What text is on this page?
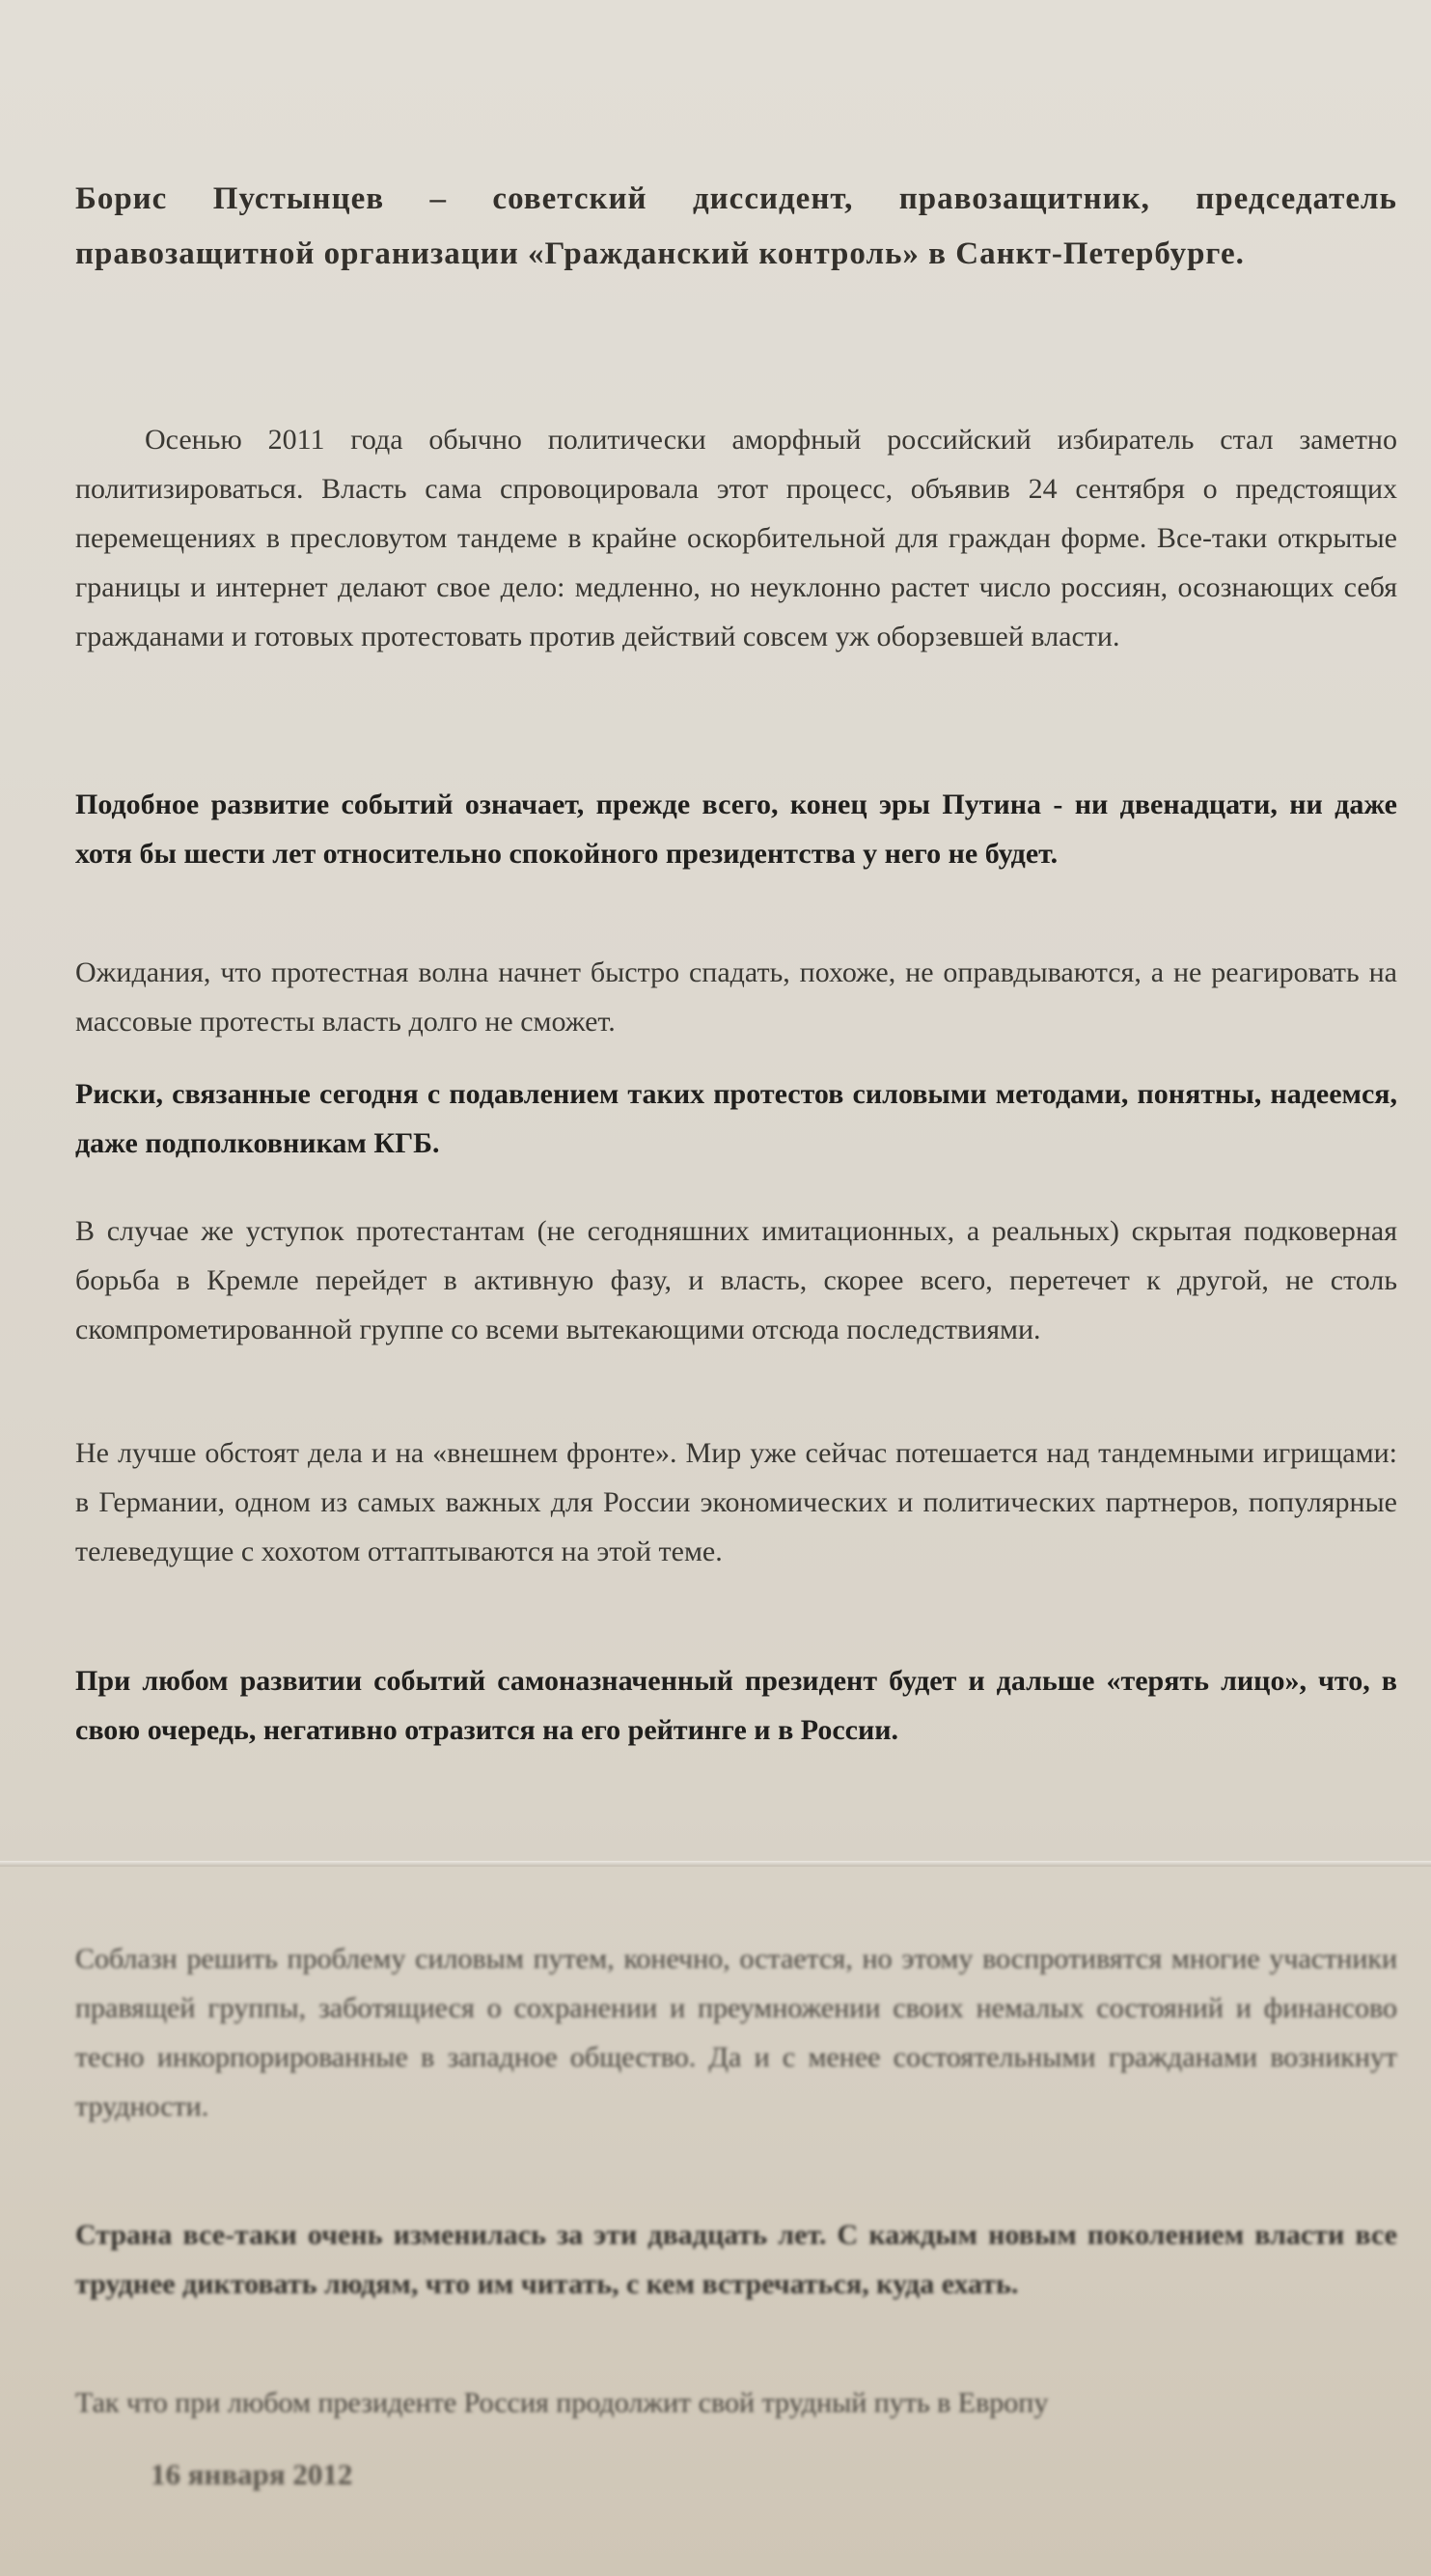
Борис Пустынцев – советский диссидент, правозащитник, председатель правозащитной организации «Гражданский контроль» в Санкт-Петербурге.
Осенью 2011 года обычно политически аморфный российский избиратель стал заметно политизироваться. Власть сама спровоцировала этот процесс, объявив 24 сентября о предстоящих перемещениях в пресловутом тандеме в крайне оскорбительной для граждан форме. Все-таки открытые границы и интернет делают свое дело: медленно, но неуклонно растет число россиян, осознающих себя гражданами и готовых протестовать против действий совсем уж оборзевшей власти.
Подобное развитие событий означает, прежде всего, конец эры Путина - ни двенадцати, ни даже хотя бы шести лет относительно спокойного президентства у него не будет.
Ожидания, что протестная волна начнет быстро спадать, похоже, не оправдываются, а не реагировать на массовые протесты власть долго не сможет.
Риски, связанные сегодня с подавлением таких протестов силовыми методами, понятны, надеемся, даже подполковникам КГБ.
В случае же уступок протестантам (не сегодняшних имитационных, а реальных) скрытая подковерная борьба в Кремле перейдет в активную фазу, и власть, скорее всего, перетечет к другой, не столь скомпрометированной группе со всеми вытекающими отсюда последствиями.
Не лучше обстоят дела и на «внешнем фронте». Мир уже сейчас потешается над тандемными игрищами: в Германии, одном из самых важных для России экономических и политических партнеров, популярные телеведущие с хохотом оттаптываются на этой теме.
При любом развитии событий самоназначенный президент будет и дальше «терять лицо», что, в свою очередь, негативно отразится на его рейтинге и в России.
Соблазн решить проблему силовым путем, конечно, остается, но этому воспротивятся многие участники правящей группы, заботящиеся о сохранении и преумножении своих немалых состояний и финансово тесно инкорпорированные в западное общество. Да и с менее состоятельными гражданами возникнут трудности.
Страна все-таки очень изменилась за эти двадцать лет. С каждым новым поколением власти все труднее диктовать людям, что им читать, с кем встречаться, куда ехать.
Так что при любом президенте Россия продолжит свой трудный путь в Европу
16 января 2012
